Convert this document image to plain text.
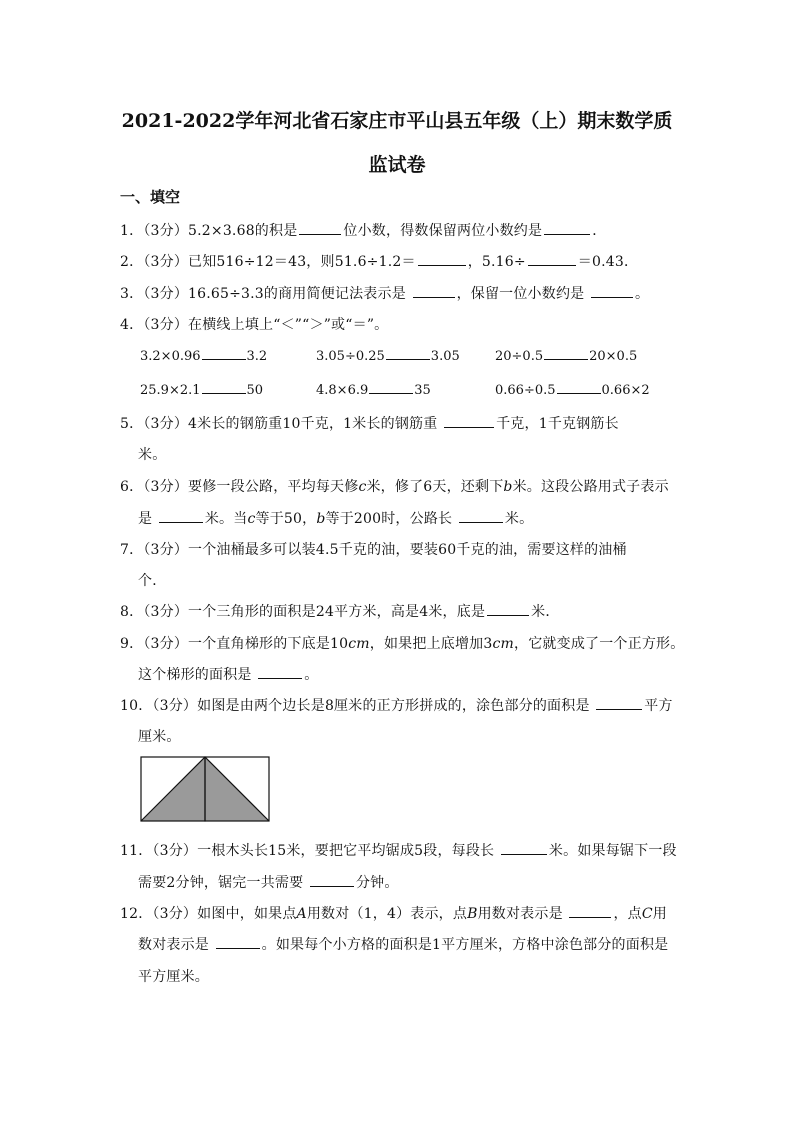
2021-2022学年河北省石家庄市平山县五年级（上）期末数学质
监试卷
一、填空
1．（3分）5.2×3.68的积是	位小数，得数保留两位小数约是	．
2．（3分）已知516÷12＝43，则51.6÷1.2＝	，5.16÷	＝0.43．
3．（3分）16.65÷3.3的商用简便记法表示是	，保留一位小数约是	。
4．（3分）在横线上填上“＜”“＞”或“＝”。
3.2×0.96	3.2	3.05÷0.25	3.05	20÷0.5	20×0.5
25.9×2.1	50	4.8×6.9	35	0.66÷0.5	0.66×2
5．（3分）4米长的钢筋重10千克，1米长的钢筋重	千克，1千克钢筋长
米。
6．（3分）要修一段公路，平均每天修c米，修了6天，还剩下b米。这段公路用式子表示
是	米。当c等于50，b等于200时，公路长	米。
7．（3分）一个油桶最多可以装4.5千克的油，要装60千克的油，需要这样的油桶
个．
8．（3分）一个三角形的面积是24平方米，高是4米，底是	米．
9．（3分）一个直角梯形的下底是10cm，如果把上底增加3cm，它就变成了一个正方形。
这个梯形的面积是	。
10．（3分）如图是由两个边长是8厘米的正方形拼成的，涂色部分的面积是	平方
厘米。
11．（3分）一根木头长15米，要把它平均锯成5段，每段长	米。如果每锯下一段
需要2分钟，锯完一共需要	分钟。
12．（3分）如图中，如果点A用数对（1，4）表示，点B用数对表示是	，点C用
数对表示是	。如果每个小方格的面积是1平方厘米，方格中涂色部分的面积是
平方厘米。
